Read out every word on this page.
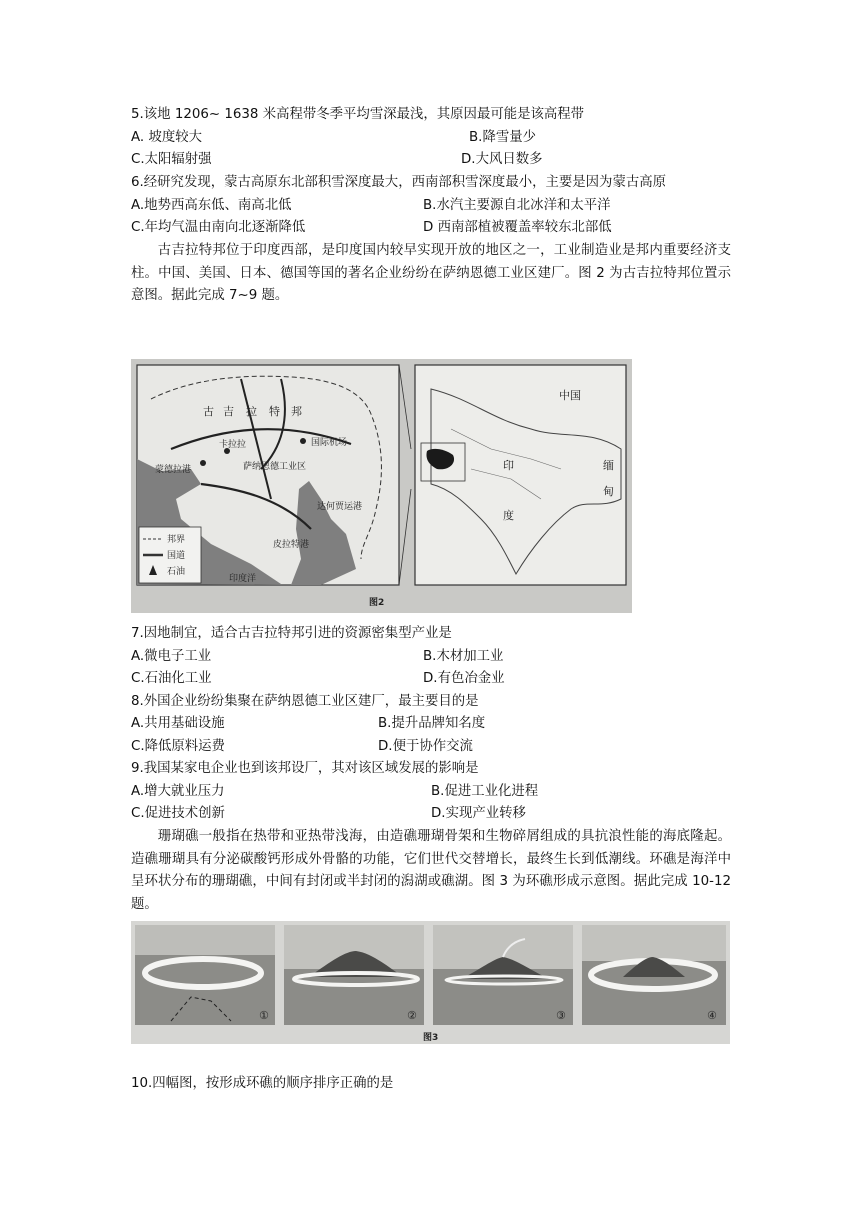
5.该地 1206~ 1638 米高程带冬季平均雪深最浅，其原因最可能是该高程带
A. 坡度较大	B.降雪量少
C.太阳辐射强	D.大风日数多
6.经研究发现，蒙古高原东北部积雪深度最大，西南部积雪深度最小，主要是因为蒙古高原
A.地势西高东低、南高北低	B.水汽主要源自北冰洋和太平洋
C.年均气温由南向北逐渐降低	D 西南部植被覆盖率较东北部低
古吉拉特邦位于印度西部，是印度国内较早实现开放的地区之一，工业制造业是邦内重要经济支柱。中国、美国、日本、德国等国的著名企业纷纷在萨纳恩德工业区建厂。图 2 为古吉拉特邦位置示意图。据此完成 7~9 题。
邦界
国道
石油
古 吉 拉 特 邦
蒙德拉港	萨纳恩德工业区
国际机场
达何贾运港
皮拉特港
印度洋
卡拉拉
中国
印
度
缅
甸
图2
7.因地制宜，适合古吉拉特邦引进的资源密集型产业是
A.微电子工业	B.木材加工业
C.石油化工业	D.有色冶金业
8.外国企业纷纷集聚在萨纳恩德工业区建厂，最主要目的是
A.共用基础设施	B.提升品牌知名度
C.降低原料运费	D.便于协作交流
9.我国某家电企业也到该邦设厂，其对该区域发展的影响是
A.增大就业压力	B.促进工业化进程
C.促进技术创新	D.实现产业转移
珊瑚礁一般指在热带和亚热带浅海，由造礁珊瑚骨架和生物碎屑组成的具抗浪性能的海底隆起。造礁珊瑚具有分泌碳酸钙形成外骨骼的功能，它们世代交替增长，最终生长到低潮线。环礁是海洋中呈环状分布的珊瑚礁，中间有封闭或半封闭的潟湖或礁湖。图 3 为环礁形成示意图。据此完成 10-12 题。
①	②	③	④
图3
10.四幅图，按形成环礁的顺序排序正确的是
